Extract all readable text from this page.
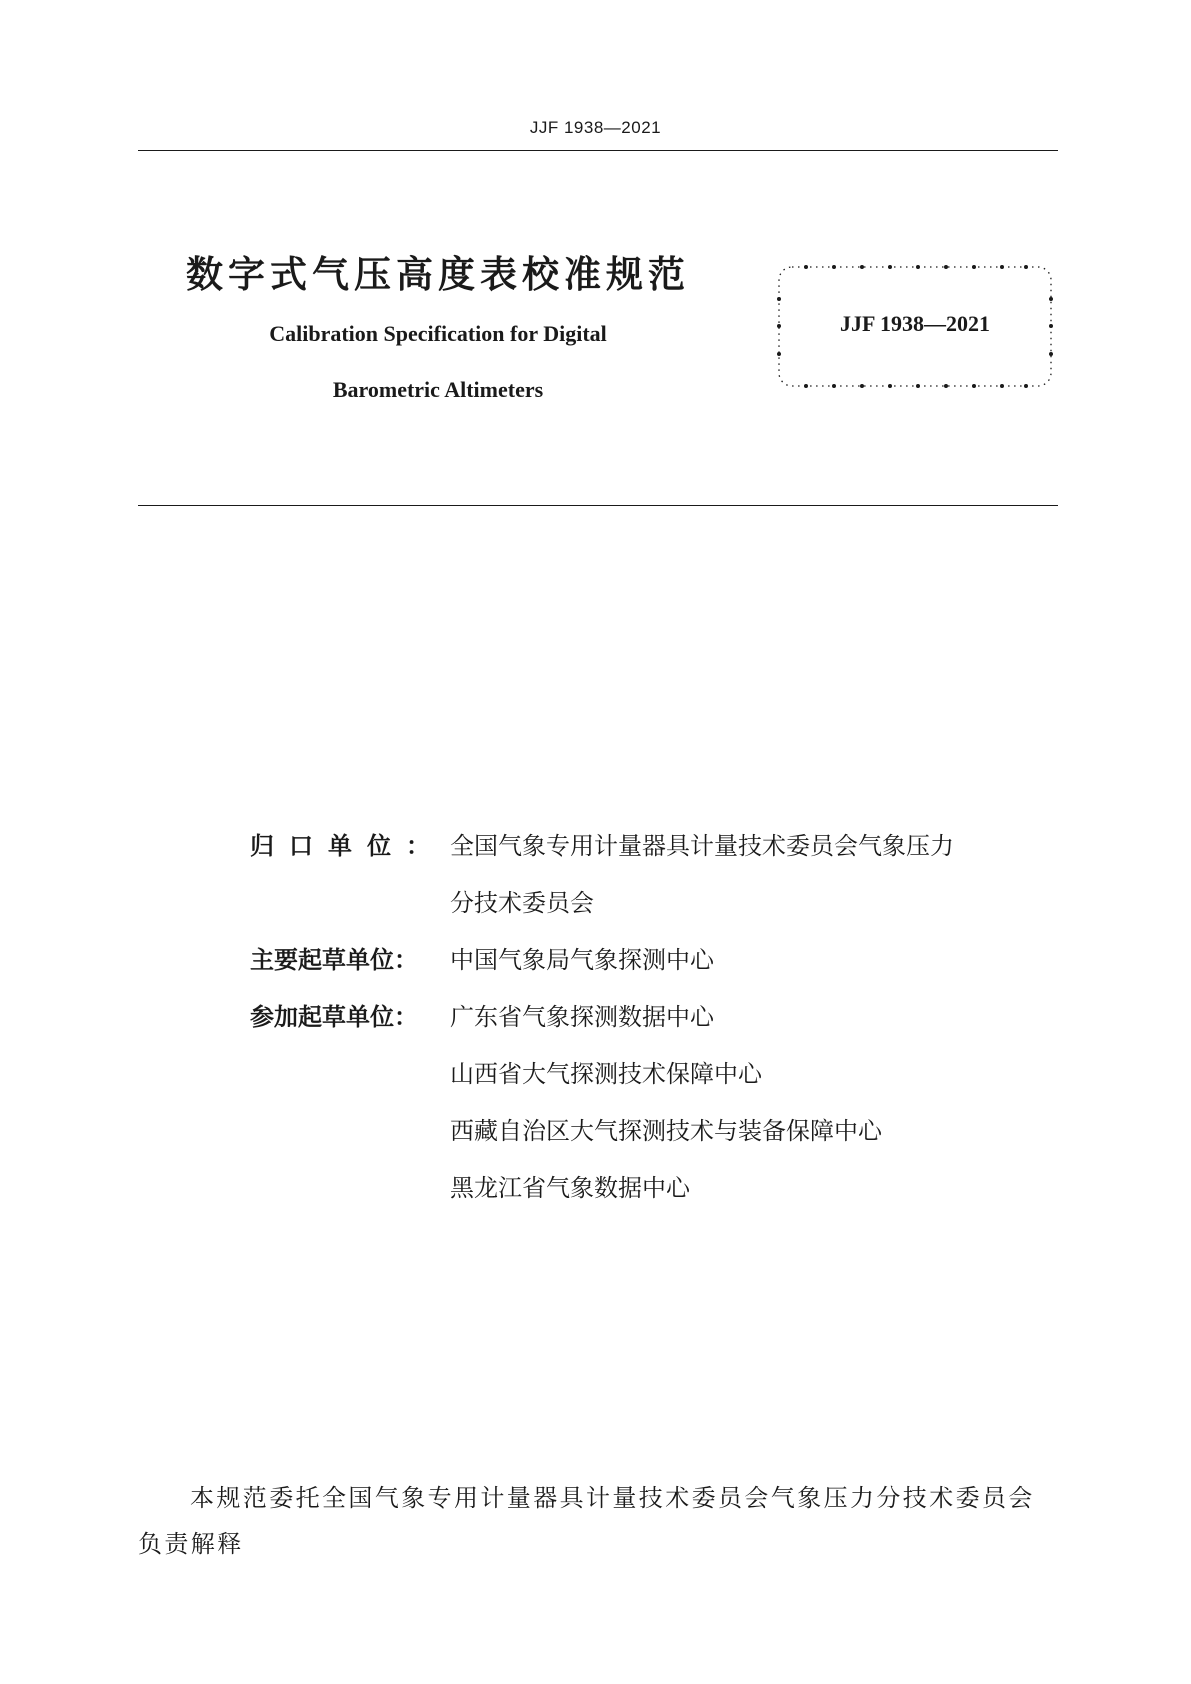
JJF 1938—2021
数字式气压高度表校准规范
Calibration Specification for Digital
Barometric Altimeters
JJF 1938—2021
归口单位： 全国气象专用计量器具计量技术委员会气象压力
分技术委员会
主要起草单位：	中国气象局气象探测中心
参加起草单位：	广东省气象探测数据中心
山西省大气探测技术保障中心
西藏自治区大气探测技术与装备保障中心
黑龙江省气象数据中心
本规范委托全国气象专用计量器具计量技术委员会气象压力分技术委员会负责解释
